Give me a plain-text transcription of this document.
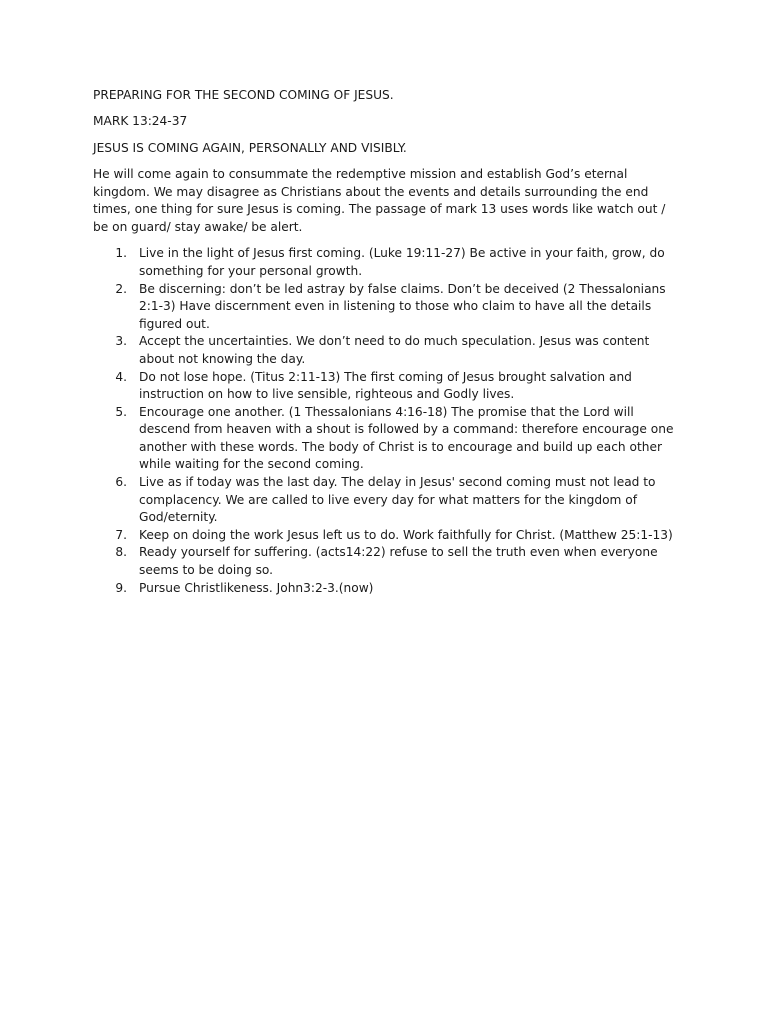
PREPARING FOR THE SECOND COMING OF JESUS.

MARK 13:24-37

JESUS IS COMING AGAIN, PERSONALLY AND VISIBLY.

He will come again to consummate the redemptive mission and establish God’s eternal kingdom. We may disagree as Christians about the events and details surrounding the end times, one thing for sure Jesus is coming. The passage of mark 13 uses words like watch out / be on guard/ stay awake/ be alert.

1. Live in the light of Jesus first coming. (Luke 19:11-27) Be active in your faith, grow, do something for your personal growth.
2. Be discerning: don’t be led astray by false claims. Don’t be deceived (2 Thessalonians 2:1-3) Have discernment even in listening to those who claim to have all the details figured out.
3. Accept the uncertainties. We don’t need to do much speculation. Jesus was content about not knowing the day.
4. Do not lose hope. (Titus 2:11-13) The first coming of Jesus brought salvation and instruction on how to live sensible, righteous and Godly lives.
5. Encourage one another. (1 Thessalonians 4:16-18) The promise that the Lord will descend from heaven with a shout is followed by a command: therefore encourage one another with these words. The body of Christ is to encourage and build up each other while waiting for the second coming.
6. Live as if today was the last day. The delay in Jesus' second coming must not lead to complacency. We are called to live every day for what matters for the kingdom of God/eternity.
7. Keep on doing the work Jesus left us to do. Work faithfully for Christ. (Matthew 25:1-13)
8. Ready yourself for suffering. (acts14:22) refuse to sell the truth even when everyone seems to be doing so.
9. Pursue Christlikeness. John3:2-3.(now)
